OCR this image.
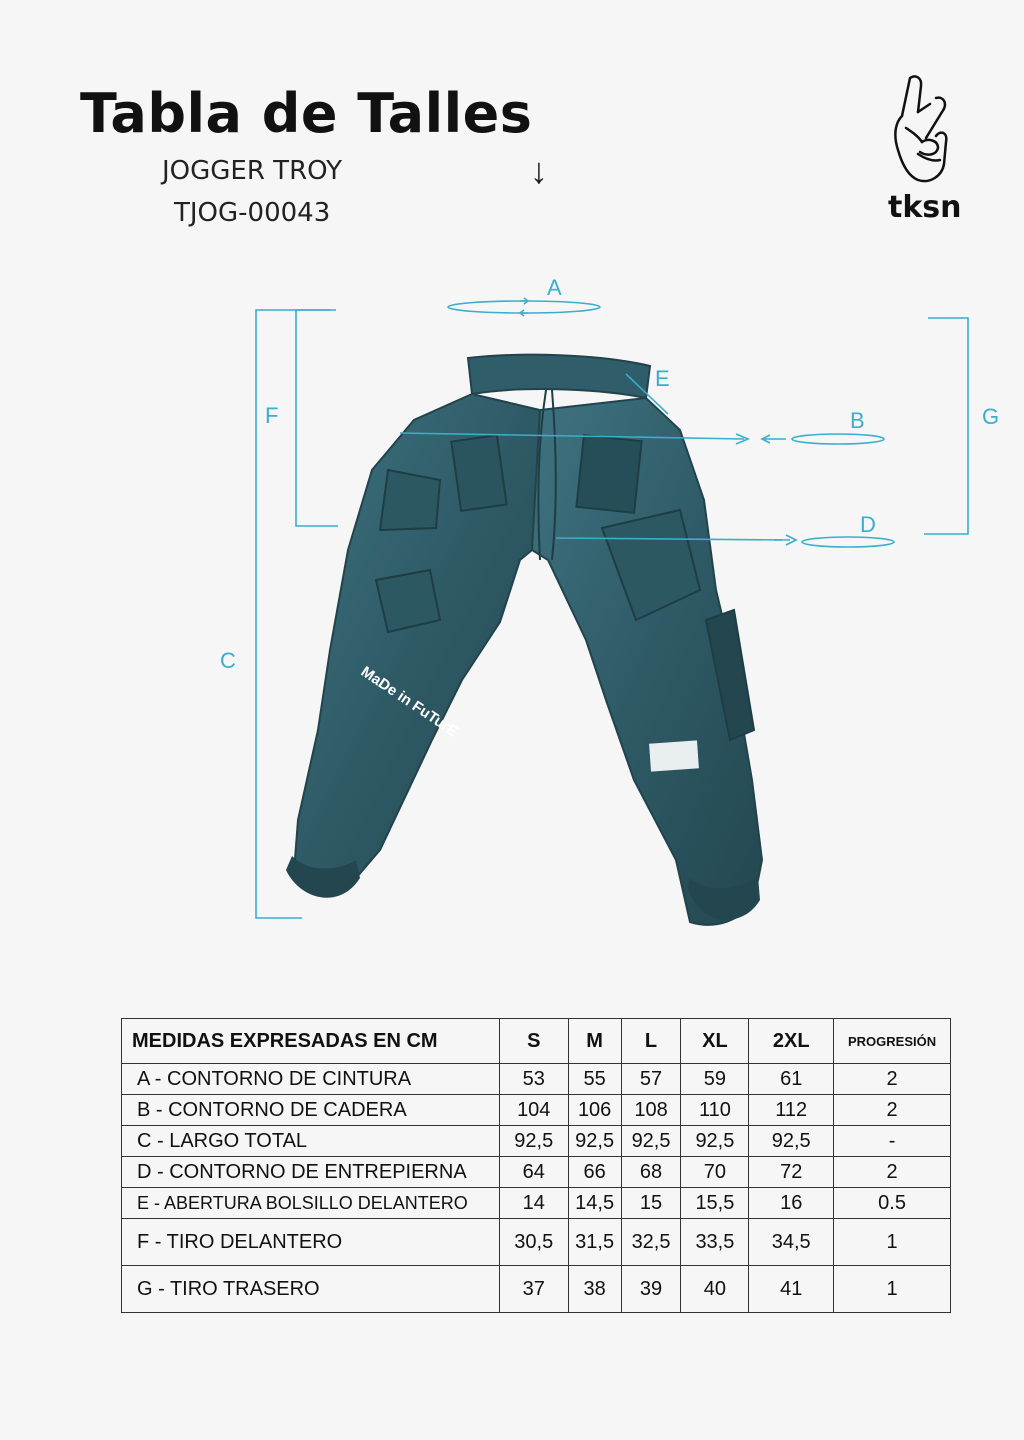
Tabla de Talles
JOGGER TROY
TJOG-00043
↓
tksn
MaDe in FuTurE
A
E
B
D
F
C
G
MEDIDAS EXPRESADAS EN CM	S	M	L	XL	2XL	PROGRESIÓN
A - CONTORNO DE CINTURA	53	55	57	59	61	2
B - CONTORNO DE CADERA	104	106	108	110	112	2
C - LARGO TOTAL	92,5	92,5	92,5	92,5	92,5	-
D - CONTORNO DE ENTREPIERNA	64	66	68	70	72	2
E - ABERTURA BOLSILLO DELANTERO	14	14,5	15	15,5	16	0.5
F - TIRO DELANTERO	30,5	31,5	32,5	33,5	34,5	1
G - TIRO TRASERO	37	38	39	40	41	1
